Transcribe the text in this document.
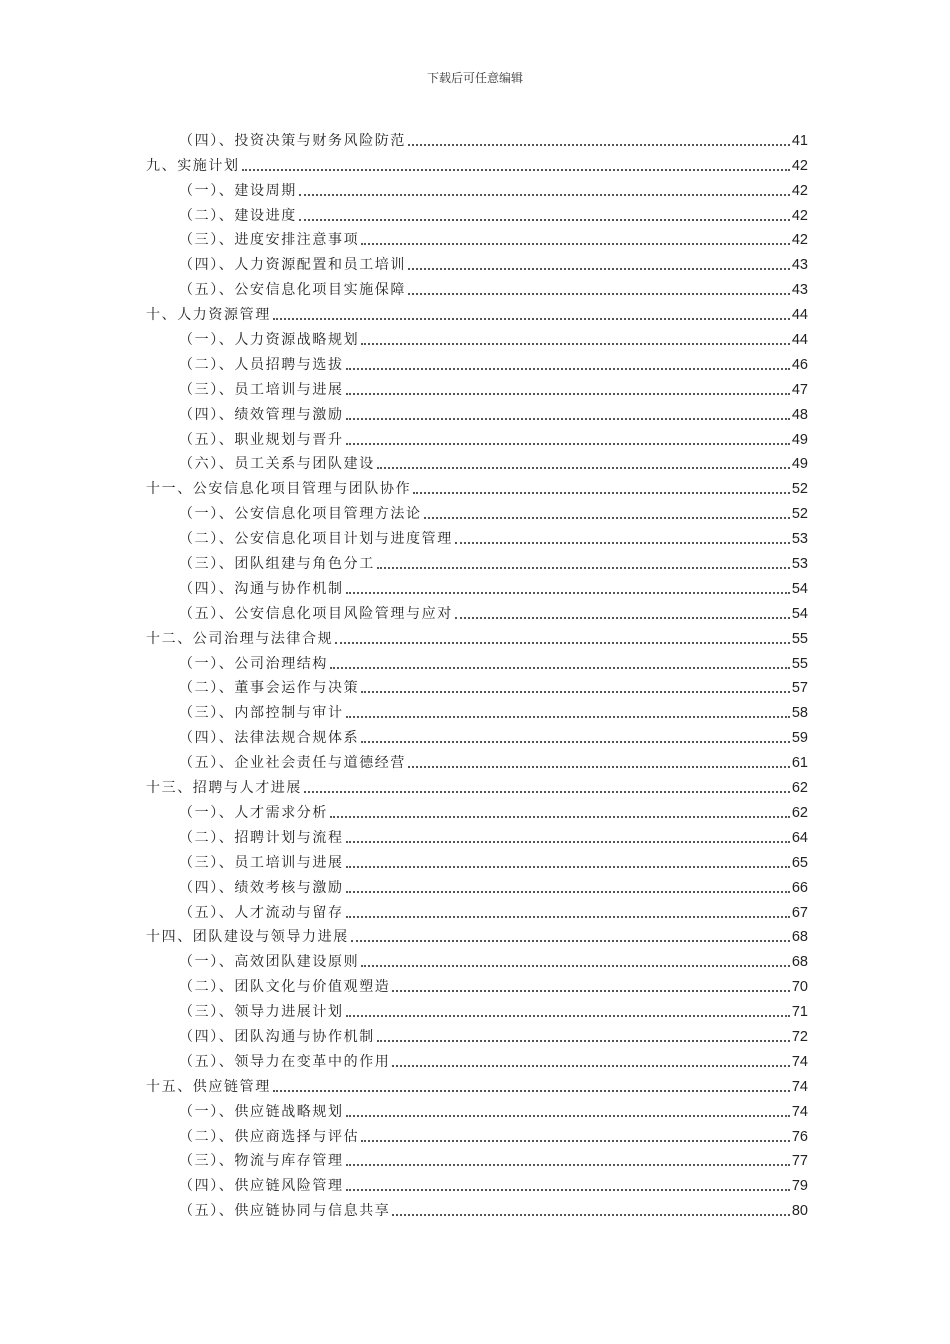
下载后可任意编辑
（四）、投资决策与财务风险防范	41
九、实施计划	42
（一）、建设周期	42
（二）、建设进度	42
（三）、进度安排注意事项	42
（四）、人力资源配置和员工培训	43
（五）、公安信息化项目实施保障	43
十、人力资源管理	44
（一）、人力资源战略规划	44
（二）、人员招聘与选拔	46
（三）、员工培训与进展	47
（四）、绩效管理与激励	48
（五）、职业规划与晋升	49
（六）、员工关系与团队建设	49
十一、公安信息化项目管理与团队协作	52
（一）、公安信息化项目管理方法论	52
（二）、公安信息化项目计划与进度管理	53
（三）、团队组建与角色分工	53
（四）、沟通与协作机制	54
（五）、公安信息化项目风险管理与应对	54
十二、公司治理与法律合规	55
（一）、公司治理结构	55
（二）、董事会运作与决策	57
（三）、内部控制与审计	58
（四）、法律法规合规体系	59
（五）、企业社会责任与道德经营	61
十三、招聘与人才进展	62
（一）、人才需求分析	62
（二）、招聘计划与流程	64
（三）、员工培训与进展	65
（四）、绩效考核与激励	66
（五）、人才流动与留存	67
十四、团队建设与领导力进展	68
（一）、高效团队建设原则	68
（二）、团队文化与价值观塑造	70
（三）、领导力进展计划	71
（四）、团队沟通与协作机制	72
（五）、领导力在变革中的作用	74
十五、供应链管理	74
（一）、供应链战略规划	74
（二）、供应商选择与评估	76
（三）、物流与库存管理	77
（四）、供应链风险管理	79
（五）、供应链协同与信息共享	80
